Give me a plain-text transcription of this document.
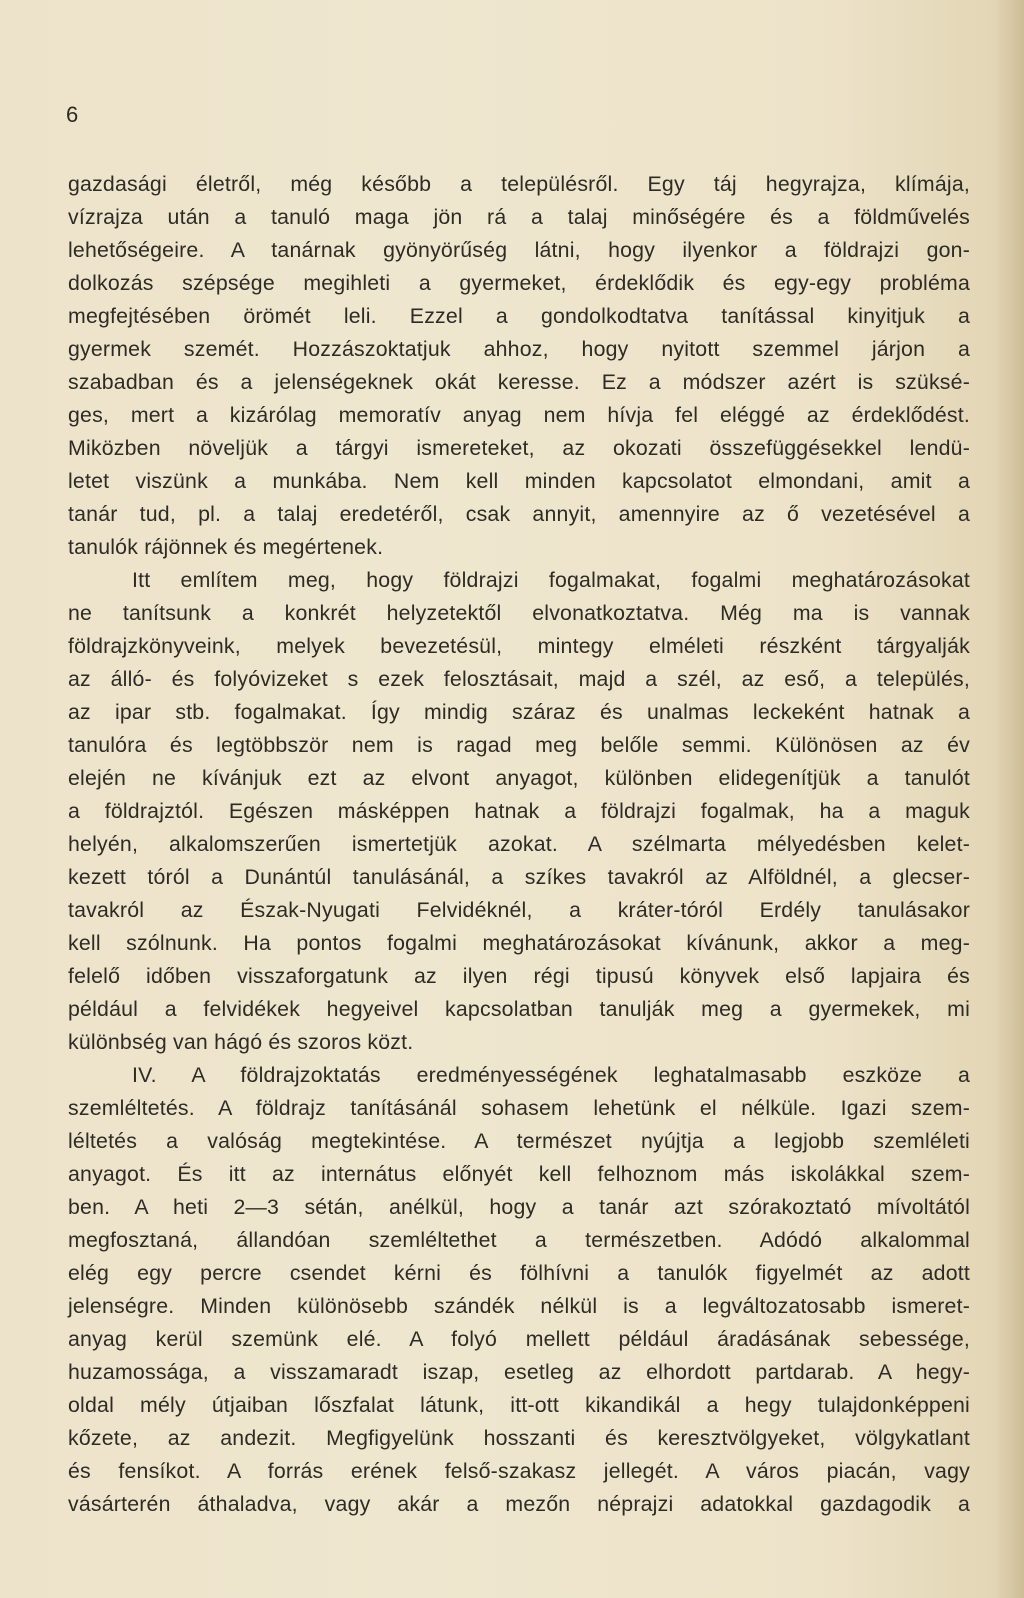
6
gazdasági életről, még később a településről. Egy táj hegyrajza, klímája,
vízrajza után a tanuló maga jön rá a talaj minőségére és a földművelés
lehetőségeire. A tanárnak gyönyörűség látni, hogy ilyenkor a földrajzi gon-
dolkozás szépsége megihleti a gyermeket, érdeklődik és egy-egy probléma
megfejtésében örömét leli. Ezzel a gondolkodtatva tanítással kinyitjuk a
gyermek szemét. Hozzászoktatjuk ahhoz, hogy nyitott szemmel járjon a
szabadban és a jelenségeknek okát keresse. Ez a módszer azért is szüksé-
ges, mert a kizárólag memoratív anyag nem hívja fel eléggé az érdeklődést.
Miközben növeljük a tárgyi ismereteket, az okozati összefüggésekkel lendü-
letet viszünk a munkába. Nem kell minden kapcsolatot elmondani, amit a
tanár tud, pl. a talaj eredetéről, csak annyit, amennyire az ő vezetésével a
tanulók rájönnek és megértenek.
Itt említem meg, hogy földrajzi fogalmakat, fogalmi meghatározásokat
ne tanítsunk a konkrét helyzetektől elvonatkoztatva. Még ma is vannak
földrajzkönyveink, melyek bevezetésül, mintegy elméleti részként tárgyalják
az álló- és folyóvizeket s ezek felosztásait, majd a szél, az eső, a település,
az ipar stb. fogalmakat. Így mindig száraz és unalmas leckeként hatnak a
tanulóra és legtöbbször nem is ragad meg belőle semmi. Különösen az év
elején ne kívánjuk ezt az elvont anyagot, különben elidegenítjük a tanulót
a földrajztól. Egészen másképpen hatnak a földrajzi fogalmak, ha a maguk
helyén, alkalomszerűen ismertetjük azokat. A szélmarta mélyedésben kelet-
kezett tóról a Dunántúl tanulásánál, a szíkes tavakról az Alföldnél, a glecser-
tavakról az Észak-Nyugati Felvidéknél, a kráter-tóról Erdély tanulásakor
kell szólnunk. Ha pontos fogalmi meghatározásokat kívánunk, akkor a meg-
felelő időben visszaforgatunk az ilyen régi tipusú könyvek első lapjaira és
például a felvidékek hegyeivel kapcsolatban tanulják meg a gyermekek, mi
különbség van hágó és szoros közt.
IV. A földrajzoktatás eredményességének leghatalmasabb eszköze a
szemléltetés. A földrajz tanításánál sohasem lehetünk el nélküle. Igazi szem-
léltetés a valóság megtekintése. A természet nyújtja a legjobb szemléleti
anyagot. És itt az internátus előnyét kell felhoznom más iskolákkal szem-
ben. A heti 2—3 sétán, anélkül, hogy a tanár azt szórakoztató mívoltától
megfosztaná, állandóan szemléltethet a természetben. Adódó alkalommal
elég egy percre csendet kérni és fölhívni a tanulók figyelmét az adott
jelenségre. Minden különösebb szándék nélkül is a legváltozatosabb ismeret-
anyag kerül szemünk elé. A folyó mellett például áradásának sebessége,
huzamossága, a visszamaradt iszap, esetleg az elhordott partdarab. A hegy-
oldal mély útjaiban lőszfalat látunk, itt-ott kikandikál a hegy tulajdonképpeni
kőzete, az andezit. Megfigyelünk hosszanti és keresztvölgyeket, völgykatlant
és fensíkot. A forrás erének felső-szakasz jellegét. A város piacán, vagy
vásárterén áthaladva, vagy akár a mezőn néprajzi adatokkal gazdagodik a
